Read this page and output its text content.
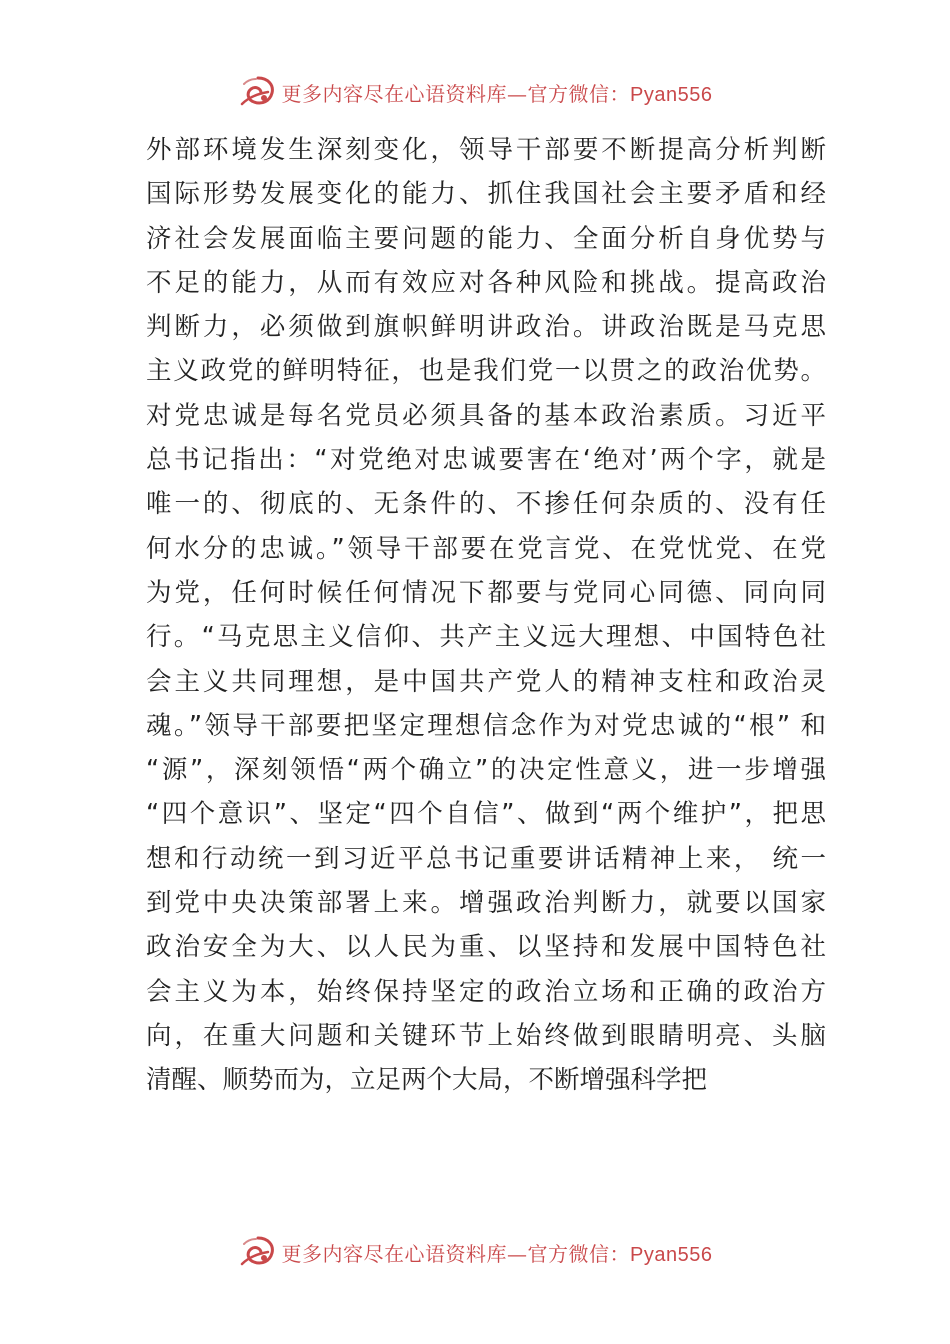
更多内容尽在心语资料库—官方微信：Pyan556
外部环境发生深刻变化，领导干部要不断提高分析判断
国际形势发展变化的能力、抓住我国社会主要矛盾和经
济社会发展面临主要问题的能力、全面分析自身优势与
不足的能力，从而有效应对各种风险和挑战。提高政治
判断力，必须做到旗帜鲜明讲政治。讲政治既是马克思
主义政党的鲜明特征，也是我们党一以贯之的政治优势。
对党忠诚是每名党员必须具备的基本政治素质。习近平
总书记指出：“对党绝对忠诚要害在‘绝对’两个字，就是
唯一的、彻底的、无条件的、不掺任何杂质的、没有任
何水分的忠诚。”领导干部要在党言党、在党忧党、在党
为党，任何时候任何情况下都要与党同心同德、同向同
行。“马克思主义信仰、共产主义远大理想、中国特色社
会主义共同理想，是中国共产党人的精神支柱和政治灵
魂。”领导干部要把坚定理想信念作为对党忠诚的“根” 和
“源”，深刻领悟“两个确立”的决定性意义，进一步增强
“四个意识”、坚定“四个自信”、做到“两个维护”，把思
想和行动统一到习近平总书记重要讲话精神上来， 统一
到党中央决策部署上来。增强政治判断力，就要以国家
政治安全为大、以人民为重、以坚持和发展中国特色社
会主义为本，始终保持坚定的政治立场和正确的政治方
向，在重大问题和关键环节上始终做到眼睛明亮、头脑
清醒、顺势而为，立足两个大局，不断增强科学把
更多内容尽在心语资料库—官方微信：Pyan556
